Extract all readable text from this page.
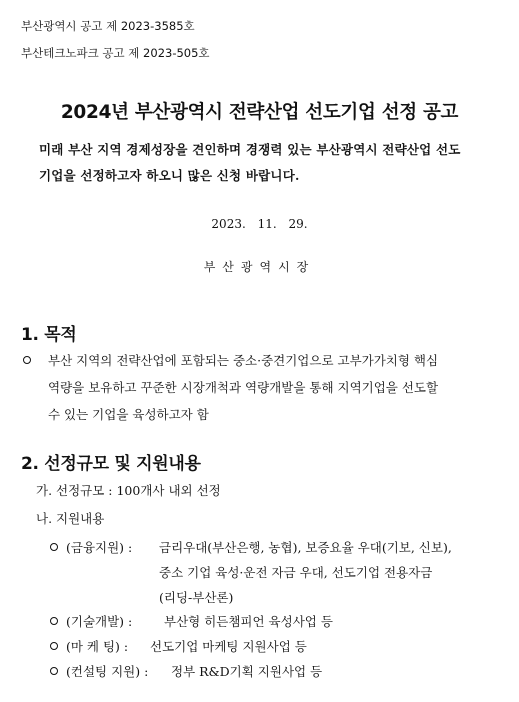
부산광역시 공고 제 2023-3585호
부산테크노파크 공고 제 2023-505호
2024년 부산광역시 전략산업 선도기업 선정 공고
미래 부산 지역 경제성장을 견인하며 경쟁력 있는 부산광역시 전략산업 선도
기업을 선정하고자 하오니 많은 신청 바랍니다.
2023. 11. 29.
부산광역시장
1. 목적
부산 지역의 전략산업에 포함되는 중소·중견기업으로 고부가가치형 핵심
역량을 보유하고 꾸준한 시장개척과 역량개발을 통해 지역기업을 선도할
수 있는 기업을 육성하고자 함
2. 선정규모 및 지원내용
가. 선정규모 : 100개사 내외 선정
나. 지원내용
(금융지원) : 금리우대(부산은행, 농협), 보증요율 우대(기보, 신보),
중소 기업 육성·운전 자금 우대, 선도기업 전용자금
(리딩-부산론)
(기술개발) :	부산형 히든챔피언 육성사업 등
(마 케 팅) : 선도기업 마케팅 지원사업 등
(컨설팅 지원) : 정부 R&D기획 지원사업 등
